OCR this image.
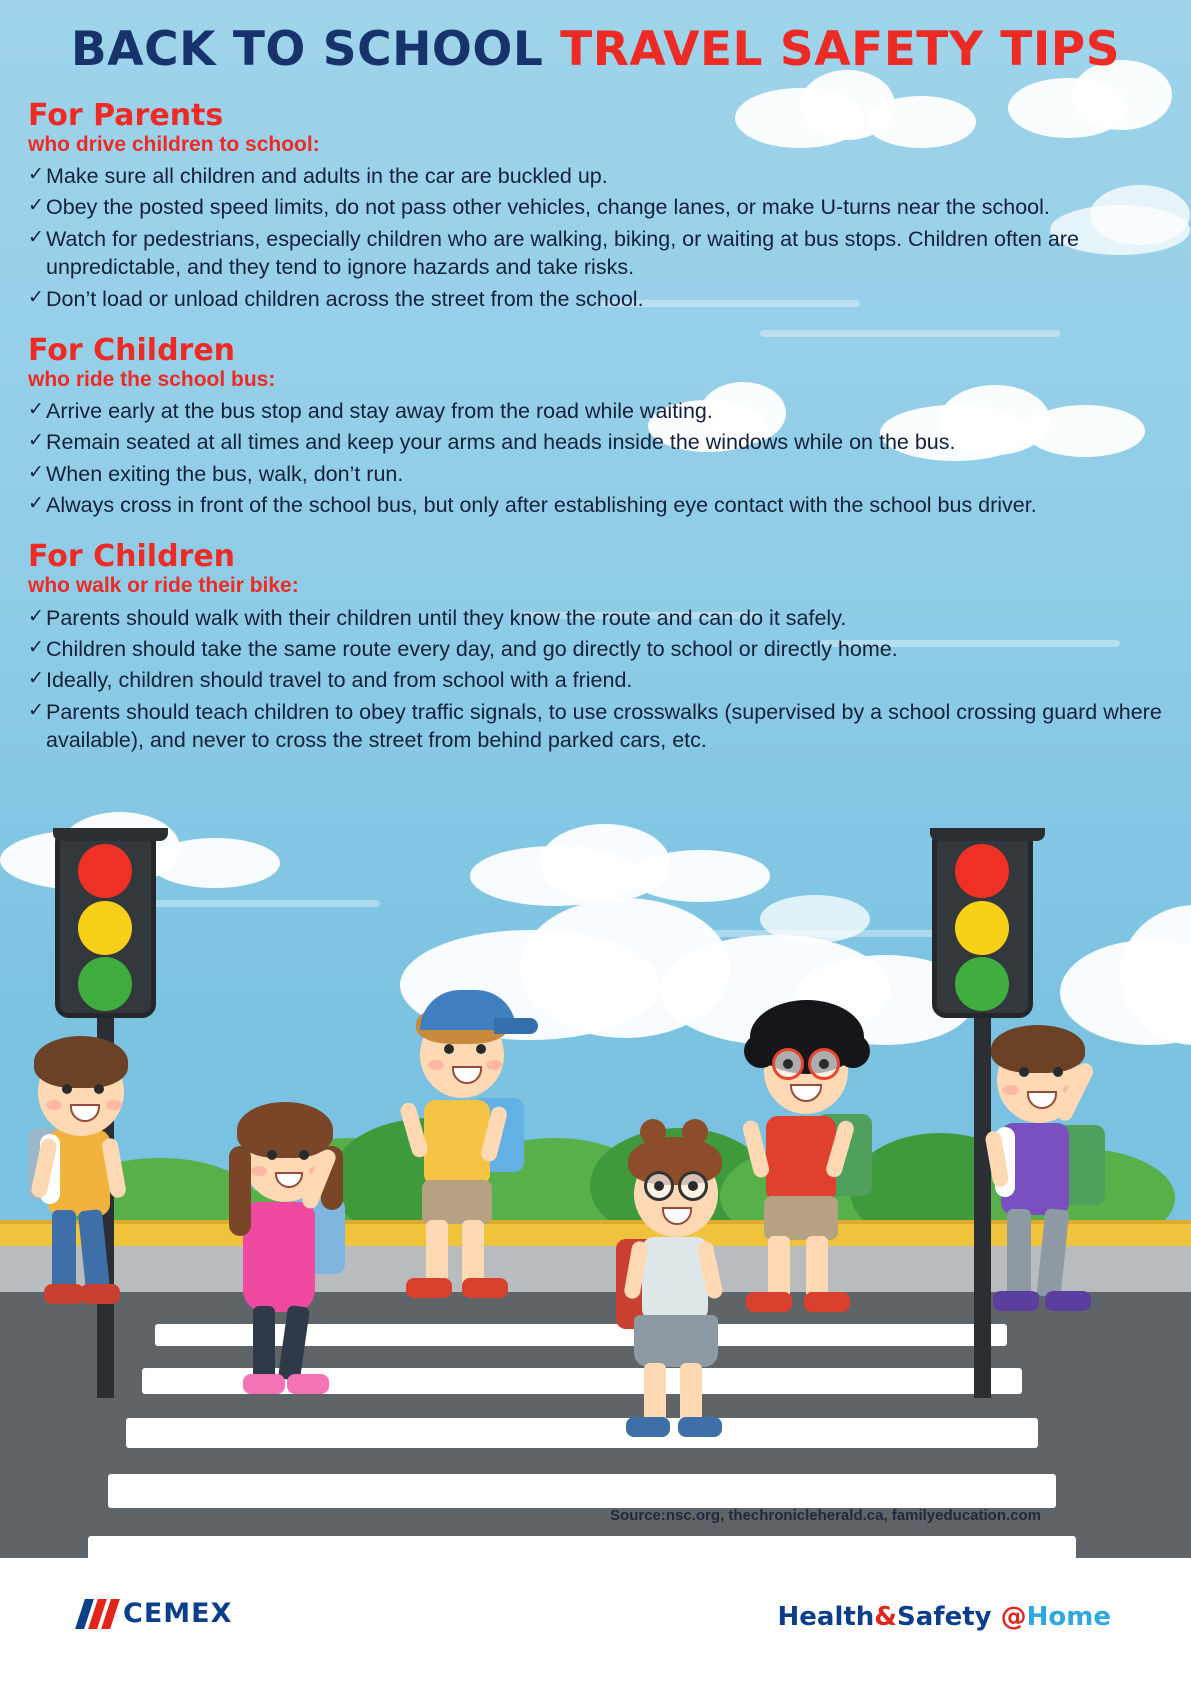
BACK TO SCHOOL TRAVEL SAFETY TIPS
For Parents
who drive children to school:
✓ Make sure all children and adults in the car are buckled up.
✓ Obey the posted speed limits, do not pass other vehicles, change lanes, or make U-turns near the school.
✓ Watch for pedestrians, especially children who are walking, biking, or waiting at bus stops. Children often are unpredictable, and they tend to ignore hazards and take risks.
✓ Don’t load or unload children across the street from the school.
For Children
who ride the school bus:
✓ Arrive early at the bus stop and stay away from the road while waiting.
✓ Remain seated at all times and keep your arms and heads inside the windows while on the bus.
✓ When exiting the bus, walk, don’t run.
✓ Always cross in front of the school bus, but only after establishing eye contact with the school bus driver.
For Children
who walk or ride their bike:
✓ Parents should walk with their children until they know the route and can do it safely.
✓ Children should take the same route every day, and go directly to school or directly home.
✓ Ideally, children should travel to and from school with a friend.
✓ Parents should teach children to obey traffic signals, to use crosswalks (supervised by a school crossing guard where available), and never to cross the street from behind parked cars, etc.
Source:nsc.org, thechronicleherald.ca, familyeducation.com
CEMEX	Health&Safety @Home
